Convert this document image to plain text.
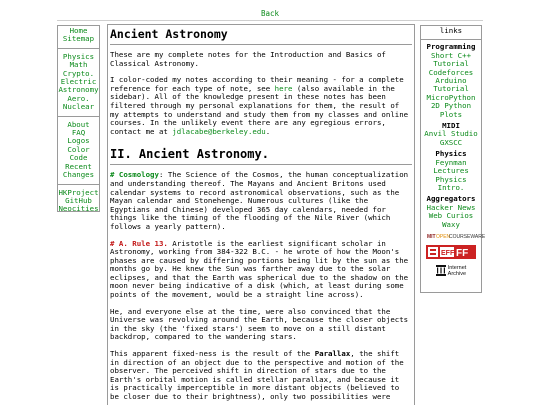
Back
Home
Sitemap
Physics
Math
Crypto.
Electric
Astronomy
Aero.
Nuclear
About
FAQ
Logos
Color
Code
Recent
Changes
HKProject
GitHub
Neocities
Ancient Astronomy

These are my complete notes for the Introduction and Basics of Classical Astronomy.

I color-coded my notes according to their meaning - for a complete reference for each type of note, see here (also available in the sidebar). All of the knowledge present in these notes has been filtered through my personal explanations for them, the result of my attempts to understand and study them from my classes and online courses. In the unlikely event there are any egregious errors, contact me at jdlacabe@berkeley.edu.

II. Ancient Astronomy.

# Cosmology: The Science of the Cosmos, the human conceptualization and understanding thereof. The Mayans and Ancient Britons used calendar systems to record astronomical observations, such as the Mayan calendar and Stonehenge. Numerous cultures (like the Egyptians and Chinese) developed 365 day calendars, needed for things like the timing of the flooding of the Nile River (which follows a yearly pattern).

# A. Rule 13. Aristotle is the earliest significant scholar in Astronomy, working from 384-322 B.C. - he wrote of how the Moon's phases are caused by differing portions being lit by the sun as the months go by. He knew the Sun was farther away due to the solar eclipses, and that the Earth was spherical due to the shadow on the moon never being indicative of a disk (which, at least during some points of the movement, would be a straight line across).

He, and everyone else at the time, were also convinced that the Universe was revolving around the Earth, because the closer objects in the sky (the 'fixed stars') seem to move on a still distant backdrop, compared to the wandering stars.

This apparent fixed-ness is the result of the Parallax, the shift in direction of an object due to the perspective and motion of the observer. The perceived shift in direction of stars due to the Earth's orbital motion is called stellar parallax, and because it is practically imperceptible in more distant objects (believed to be closer due to their brightness), only two possibilities were

links
Programming
Short C++
Tutorial
Codeforces
Arduino
Tutorial
MicroPython
2D Python
Plots
MIDI
Anvil Studio
GXSCC
Physics
Feynman
Lectures
Physics
Intro.
Aggregators
Hacker News
Web Curios
Waxy
MIT OPEN
COURSEWARE
FF
EFF
Internet
Archive
